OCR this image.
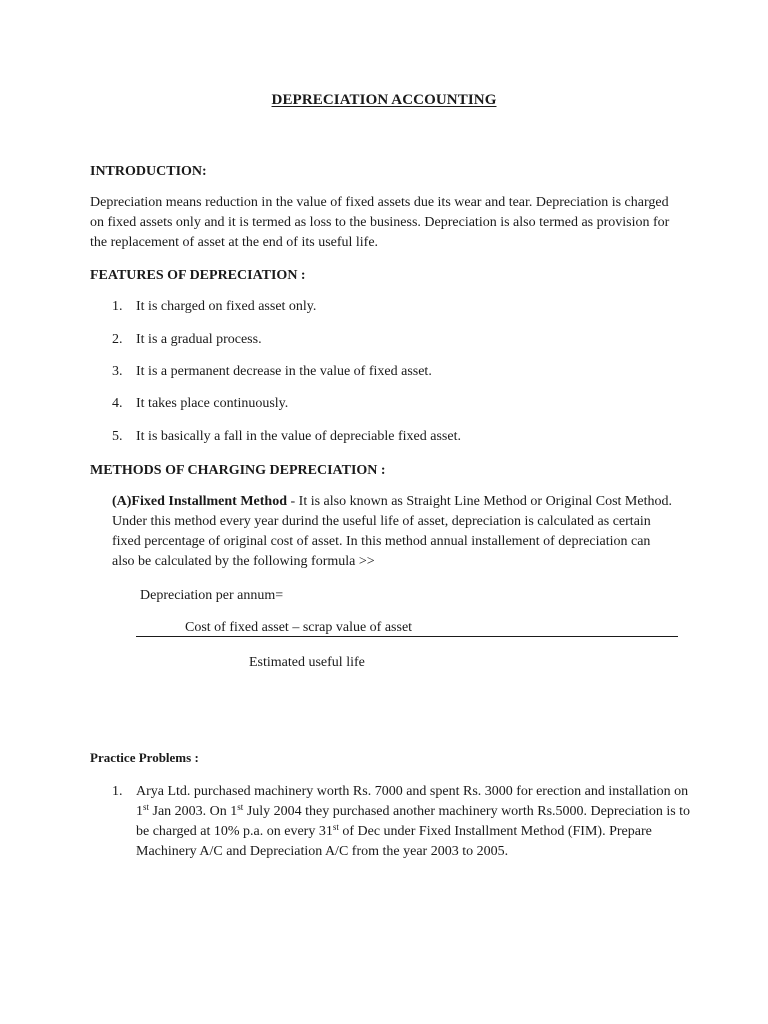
DEPRECIATION ACCOUNTING
INTRODUCTION:

Depreciation means reduction in the value of fixed assets due its wear and tear. Depreciation is charged on fixed assets only and it is termed as loss to the business. Depreciation is also termed as provision for the replacement of asset at the end of its useful life.

FEATURES OF DEPRECIATION :
1. It is charged on fixed asset only.
2. It is a gradual process.
3. It is a permanent decrease in the value of fixed asset.
4. It takes place continuously.
5. It is basically a fall in the value of depreciable fixed asset.
METHODS OF CHARGING DEPRECIATION :

(A)Fixed Installment Method - It is also known as Straight Line Method or Original Cost Method. Under this method every year durind the useful life of asset, depreciation is calculated as certain fixed percentage of original cost of asset. In this method annual installement of depreciation can also be calculated by the following formula >>

Depreciation per annum=
Cost of fixed asset – scrap value of asset
Estimated useful life
Practice Problems :
1. Arya Ltd. purchased machinery worth Rs. 7000 and spent Rs. 3000 for erection and installation on 1st Jan 2003. On 1st July 2004 they purchased another machinery worth Rs.5000. Depreciation is to be charged at 10% p.a. on every 31st of Dec under Fixed Installment Method (FIM). Prepare Machinery A/C and Depreciation A/C from the year 2003 to 2005.
